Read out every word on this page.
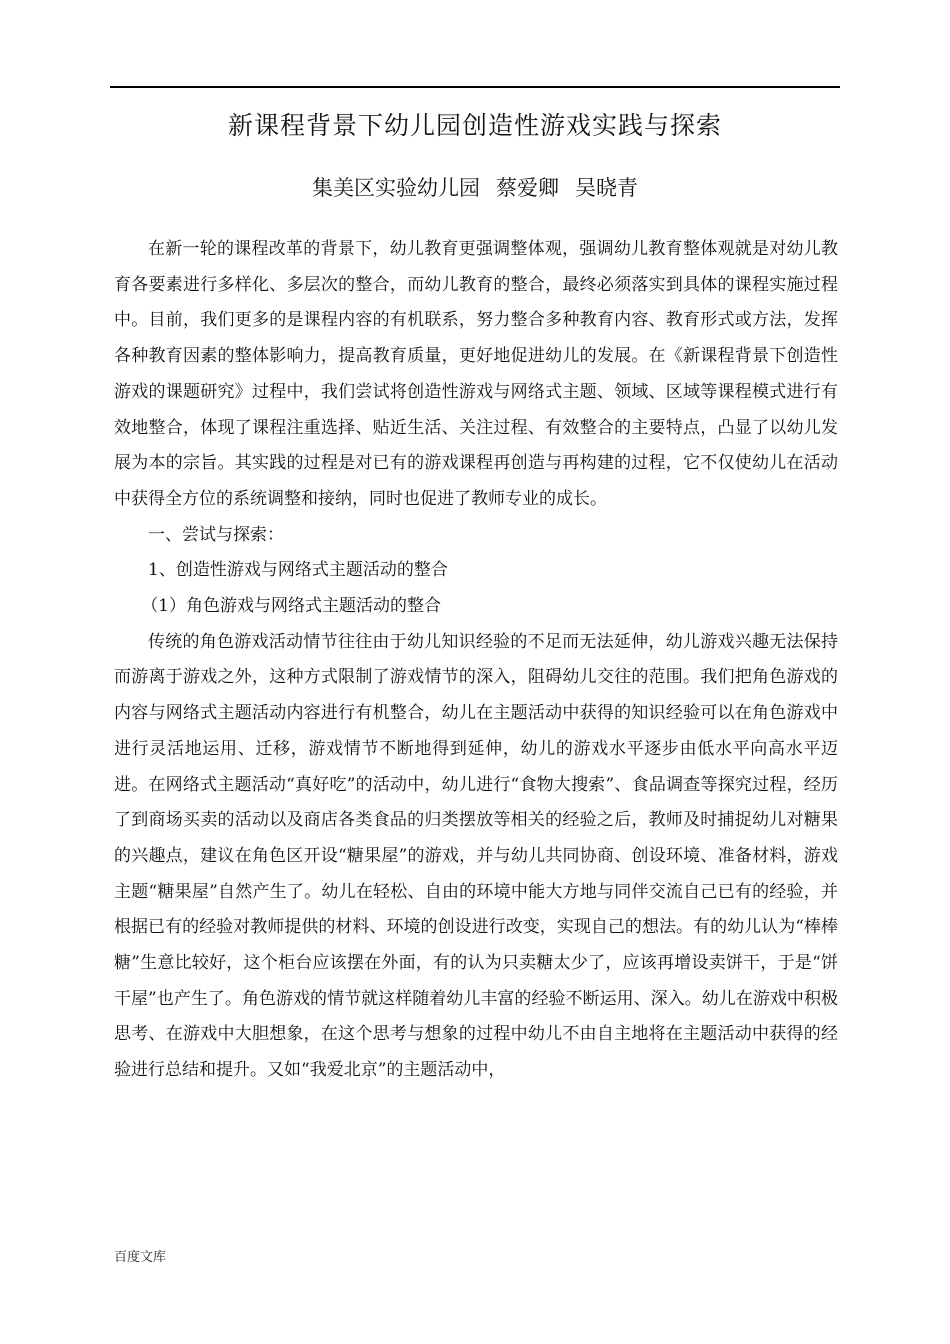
新课程背景下幼儿园创造性游戏实践与探索
集美区实验幼儿园 蔡爱卿 吴晓青

在新一轮的课程改革的背景下，幼儿教育更强调整体观，强调幼儿教育整体观就是对幼儿教育各要素进行多样化、多层次的整合，而幼儿教育的整合，最终必须落实到具体的课程实施过程中。目前，我们更多的是课程内容的有机联系，努力整合多种教育内容、教育形式或方法，发挥各种教育因素的整体影响力，提高教育质量，更好地促进幼儿的发展。在《新课程背景下创造性游戏的课题研究》过程中，我们尝试将创造性游戏与网络式主题、领域、区域等课程模式进行有效地整合，体现了课程注重选择、贴近生活、关注过程、有效整合的主要特点，凸显了以幼儿发展为本的宗旨。其实践的过程是对已有的游戏课程再创造与再构建的过程，它不仅使幼儿在活动中获得全方位的系统调整和接纳，同时也促进了教师专业的成长。

一、尝试与探索：

1、创造性游戏与网络式主题活动的整合

（1）角色游戏与网络式主题活动的整合

传统的角色游戏活动情节往往由于幼儿知识经验的不足而无法延伸，幼儿游戏兴趣无法保持而游离于游戏之外，这种方式限制了游戏情节的深入，阻碍幼儿交往的范围。我们把角色游戏的内容与网络式主题活动内容进行有机整合，幼儿在主题活动中获得的知识经验可以在角色游戏中进行灵活地运用、迁移，游戏情节不断地得到延伸，幼儿的游戏水平逐步由低水平向高水平迈进。在网络式主题活动“真好吃”的活动中，幼儿进行“食物大搜索”、食品调查等探究过程，经历了到商场买卖的活动以及商店各类食品的归类摆放等相关的经验之后，教师及时捕捉幼儿对糖果的兴趣点，建议在角色区开设“糖果屋”的游戏，并与幼儿共同协商、创设环境、准备材料，游戏主题“糖果屋”自然产生了。幼儿在轻松、自由的环境中能大方地与同伴交流自己已有的经验，并根据已有的经验对教师提供的材料、环境的创设进行改变，实现自己的想法。有的幼儿认为“棒棒糖”生意比较好，这个柜台应该摆在外面，有的认为只卖糖太少了，应该再增设卖饼干，于是“饼干屋”也产生了。角色游戏的情节就这样随着幼儿丰富的经验不断运用、深入。幼儿在游戏中积极思考、在游戏中大胆想象，在这个思考与想象的过程中幼儿不由自主地将在主题活动中获得的经验进行总结和提升。又如“我爱北京”的主题活动中，

百度文库
